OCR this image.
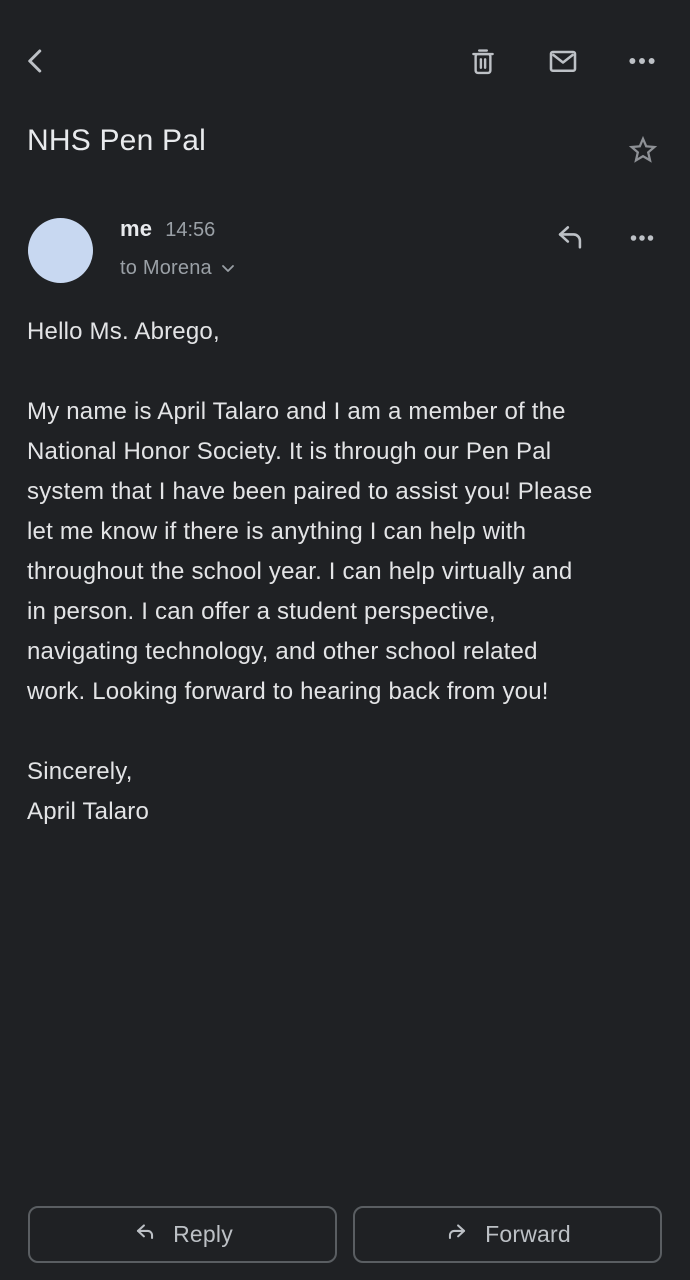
NHS Pen Pal
me 14:56
to Morena
Hello Ms. Abrego,

My name is April Talaro and I am a member of the
National Honor Society. It is through our Pen Pal
system that I have been paired to assist you! Please
let me know if there is anything I can help with
throughout the school year. I can help virtually and
in person. I can offer a student perspective,
navigating technology, and other school related
work. Looking forward to hearing back from you!

Sincerely,
April Talaro
Reply	Forward
